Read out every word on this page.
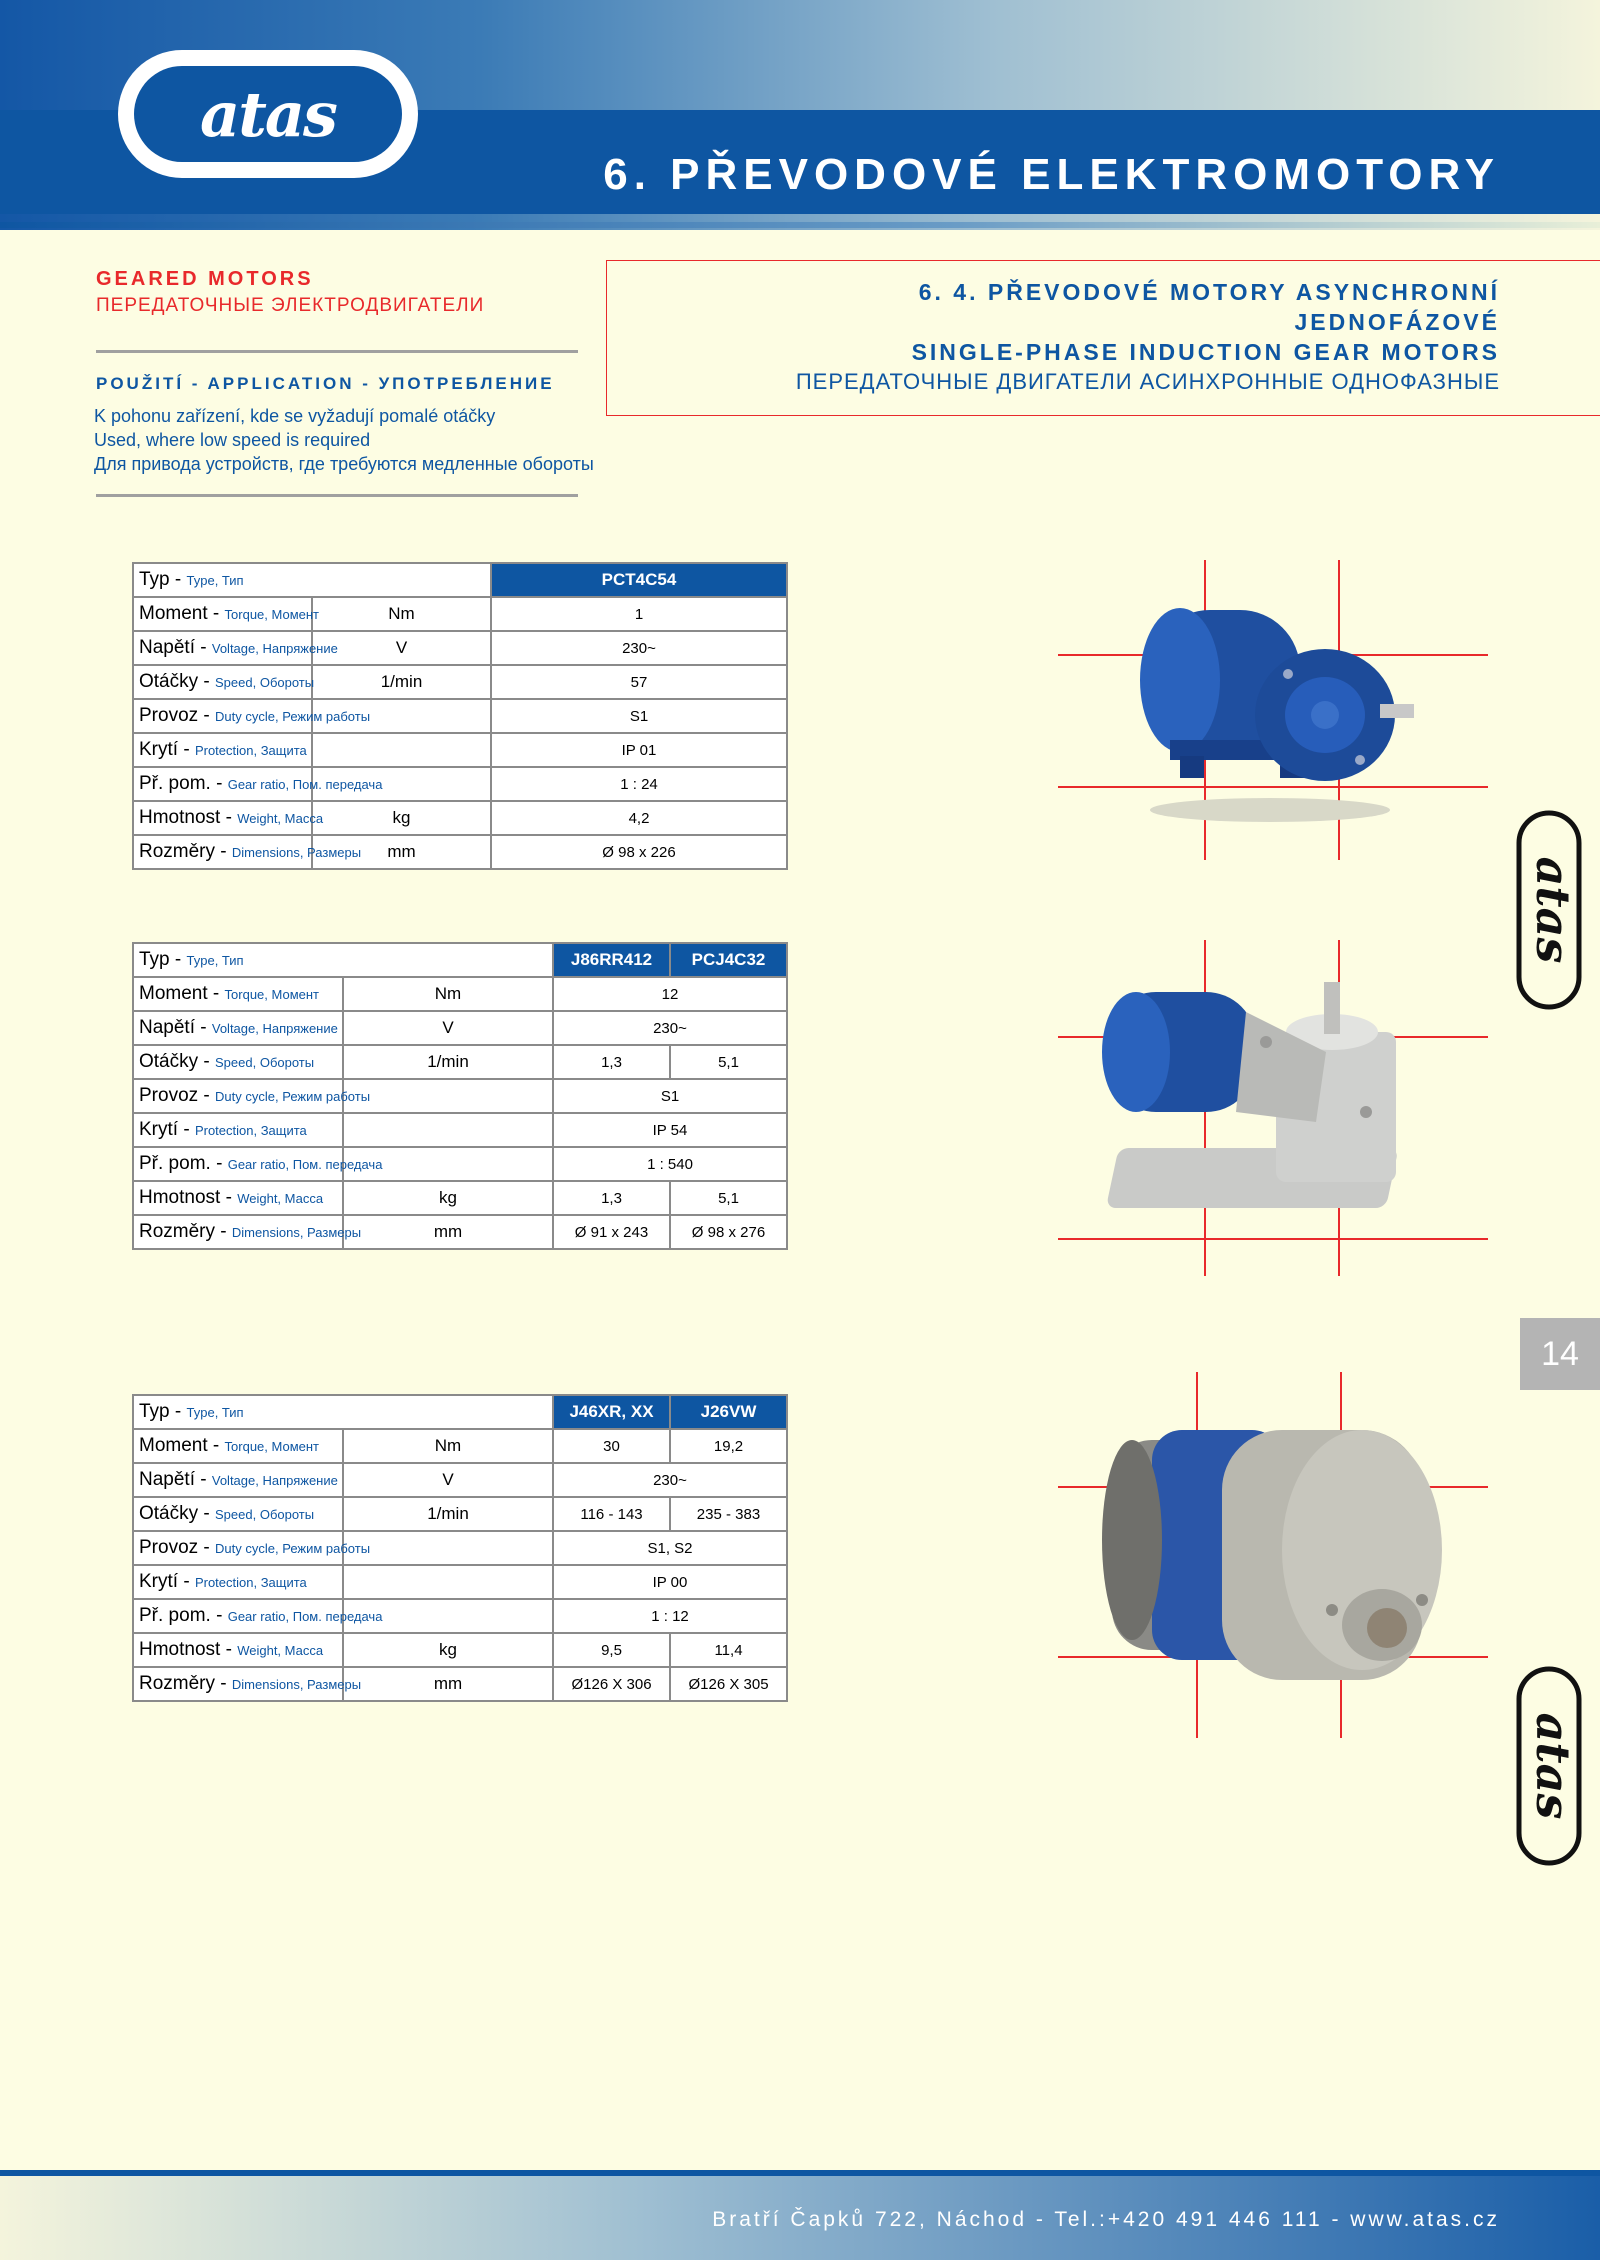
atas
6. PŘEVODOVÉ ELEKTROMOTORY
GEARED MOTORS
ПЕРЕДАТОЧНЫЕ ЭЛЕКТРОДВИГАТЕЛИ
POUŽITÍ - APPLICATION - УПОТРЕБЛЕНИЕ
K pohonu zařízení, kde se vyžadují pomalé otáčky
Used, where low speed is required
Для привода устройств, где требуются медленные обороты
6. 4. PŘEVODOVÉ MOTORY ASYNCHRONNÍ
JEDNOFÁZOVÉ
SINGLE-PHASE INDUCTION GEAR MOTORS
ПЕРЕДАТОЧНЫЕ ДВИГАТЕЛИ АСИНХРОННЫЕ ОДНОФАЗНЫЕ
Typ - Type, Тип		PCT4C54
Moment - Torque, Момент	Nm	1
Napětí - Voltage, Напряжение	V	230~
Otáčky - Speed, Обороты	1/min	57
Provoz - Duty cycle, Режим работы		S1
Krytí - Protection, Защита		IP 01
Př. pom. - Gear ratio, Пом. передача		1 : 24
Hmotnost - Weight, Масса	kg	4,2
Rozměry - Dimensions, Размеры	mm	Ø 98 x 226
Typ - Type, Тип		J86RR412	PCJ4C32
Moment - Torque, Момент	Nm	12	
Napětí - Voltage, Напряжение	V	230~	
Otáčky - Speed, Обороты	1/min	1,3	5,1
Provoz - Duty cycle, Режим работы		S1	
Krytí - Protection, Защита		IP 54	
Př. pom. - Gear ratio, Пом. передача		1 : 540	
Hmotnost - Weight, Масса	kg	1,3	5,1
Rozměry - Dimensions, Размеры	mm	Ø 91 x 243	Ø 98 x 276
Typ - Type, Тип		J46XR, XX	J26VW
Moment - Torque, Момент	Nm	30	19,2
Napětí - Voltage, Напряжение	V	230~	
Otáčky - Speed, Обороты	1/min	116 - 143	235 - 383
Provoz - Duty cycle, Режим работы		S1, S2	
Krytí - Protection, Защита		IP 00	
Př. pom. - Gear ratio, Пом. передача		1 : 12	
Hmotnost - Weight, Масса	kg	9,5	11,4
Rozměry - Dimensions, Размеры	mm	Ø126 X 306	Ø126 X 305
atas
atas
14
Bratří Čapků 722, Náchod - Tel.:+420 491 446 111 - www.atas.cz
